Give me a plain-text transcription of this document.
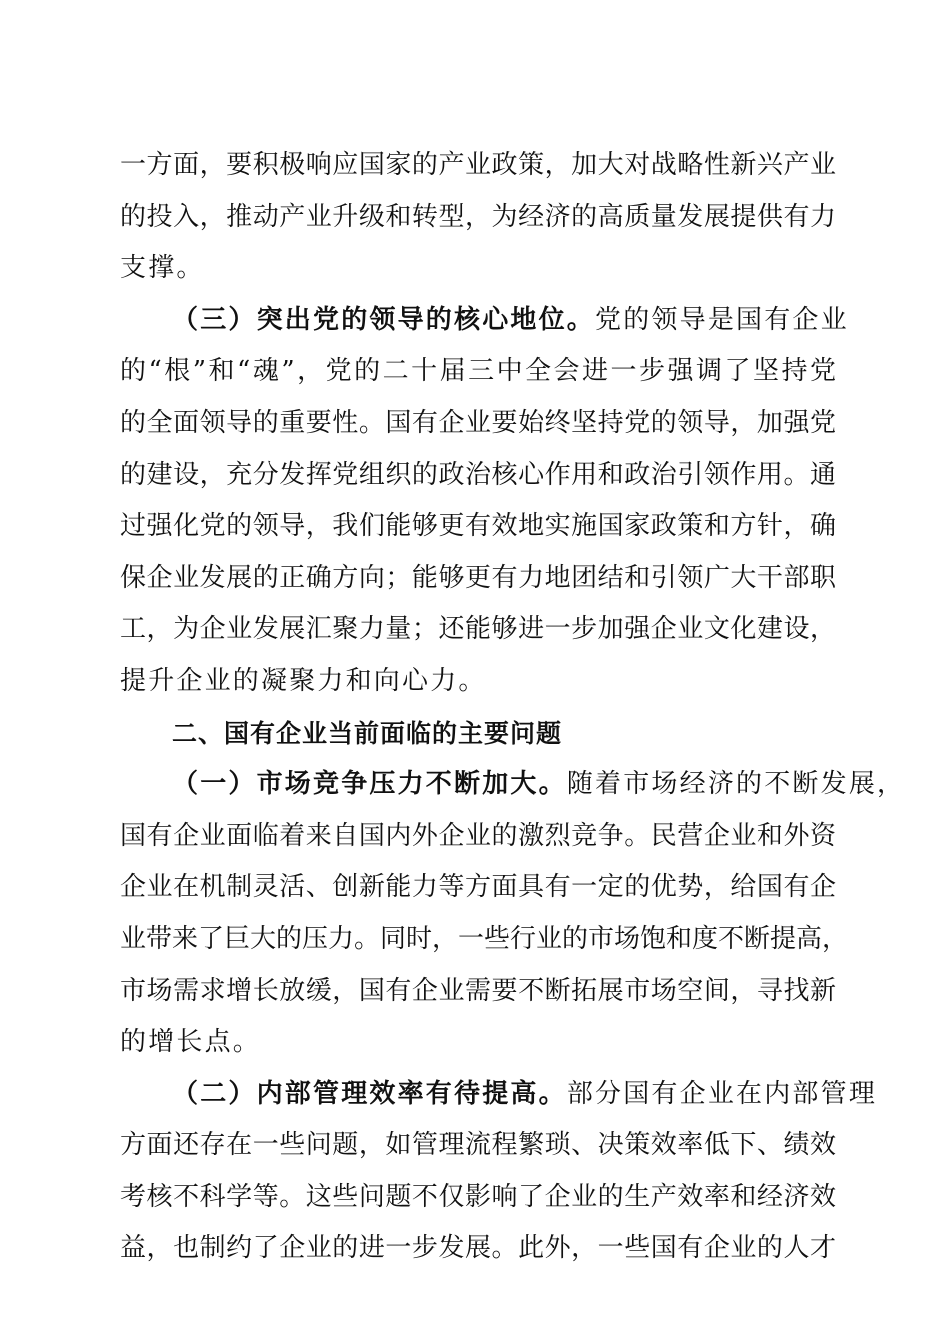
一方面，要积极响应国家的产业政策，加大对战略性新兴产业
的投入，推动产业升级和转型，为经济的高质量发展提供有力
支撑。
（三）突出党的领导的核心地位。党的领导是国有企业
的“根”和“魂”，党的二十届三中全会进一步强调了坚持党
的全面领导的重要性。国有企业要始终坚持党的领导，加强党
的建设，充分发挥党组织的政治核心作用和政治引领作用。通
过强化党的领导，我们能够更有效地实施国家政策和方针，确
保企业发展的正确方向；能够更有力地团结和引领广大干部职
工，为企业发展汇聚力量；还能够进一步加强企业文化建设，
提升企业的凝聚力和向心力。
二、国有企业当前面临的主要问题
（一）市场竞争压力不断加大。随着市场经济的不断发展，
国有企业面临着来自国内外企业的激烈竞争。民营企业和外资
企业在机制灵活、创新能力等方面具有一定的优势，给国有企
业带来了巨大的压力。同时，一些行业的市场饱和度不断提高，
市场需求增长放缓，国有企业需要不断拓展市场空间，寻找新
的增长点。
（二）内部管理效率有待提高。部分国有企业在内部管理
方面还存在一些问题，如管理流程繁琐、决策效率低下、绩效
考核不科学等。这些问题不仅影响了企业的生产效率和经济效
益，也制约了企业的进一步发展。此外，一些国有企业的人才
